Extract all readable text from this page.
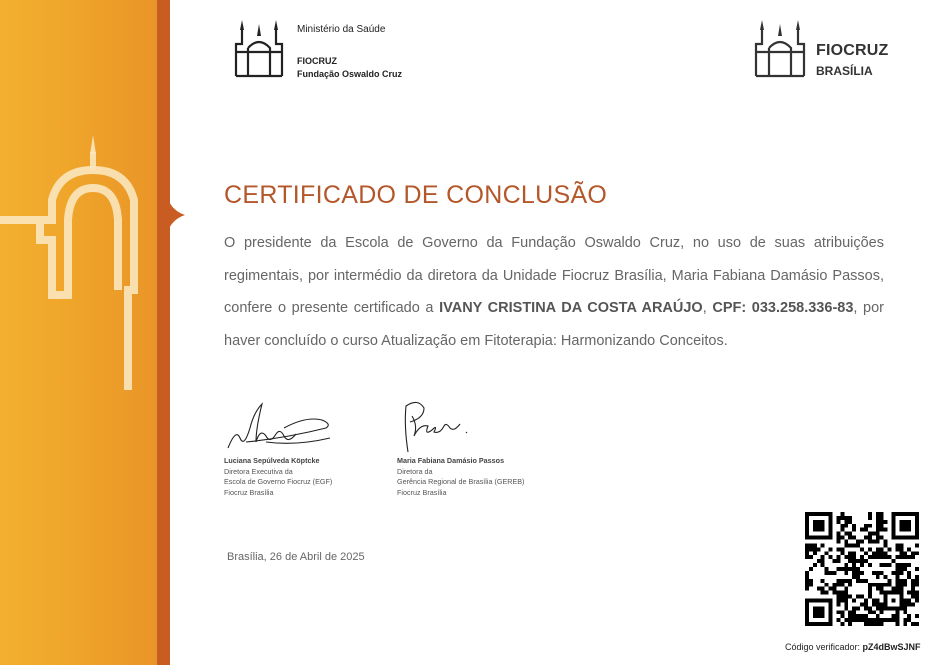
Ministério da Saúde
FIOCRUZ
Fundação Oswaldo Cruz
FIOCRUZ
BRASÍLIA
CERTIFICADO DE CONCLUSÃO
O presidente da Escola de Governo da Fundação Oswaldo Cruz, no uso de suas atribuições regimentais, por intermédio da diretora da Unidade Fiocruz Brasília, Maria Fabiana Damásio Passos, confere o presente certificado a IVANY CRISTINA DA COSTA ARAÚJO, CPF: 033.258.336-83, por haver concluído o curso Atualização em Fitoterapia: Harmonizando Conceitos.
Luciana Sepúlveda Köptcke
Diretora Executiva da
Escola de Governo Fiocruz (EGF)
Fiocruz Brasília
Maria Fabiana Damásio Passos
Diretora da
Gerência Regional de Brasília (GEREB)
Fiocruz Brasília
Brasília, 26 de Abril de 2025
Código verificador: pZ4dBwSJNF
